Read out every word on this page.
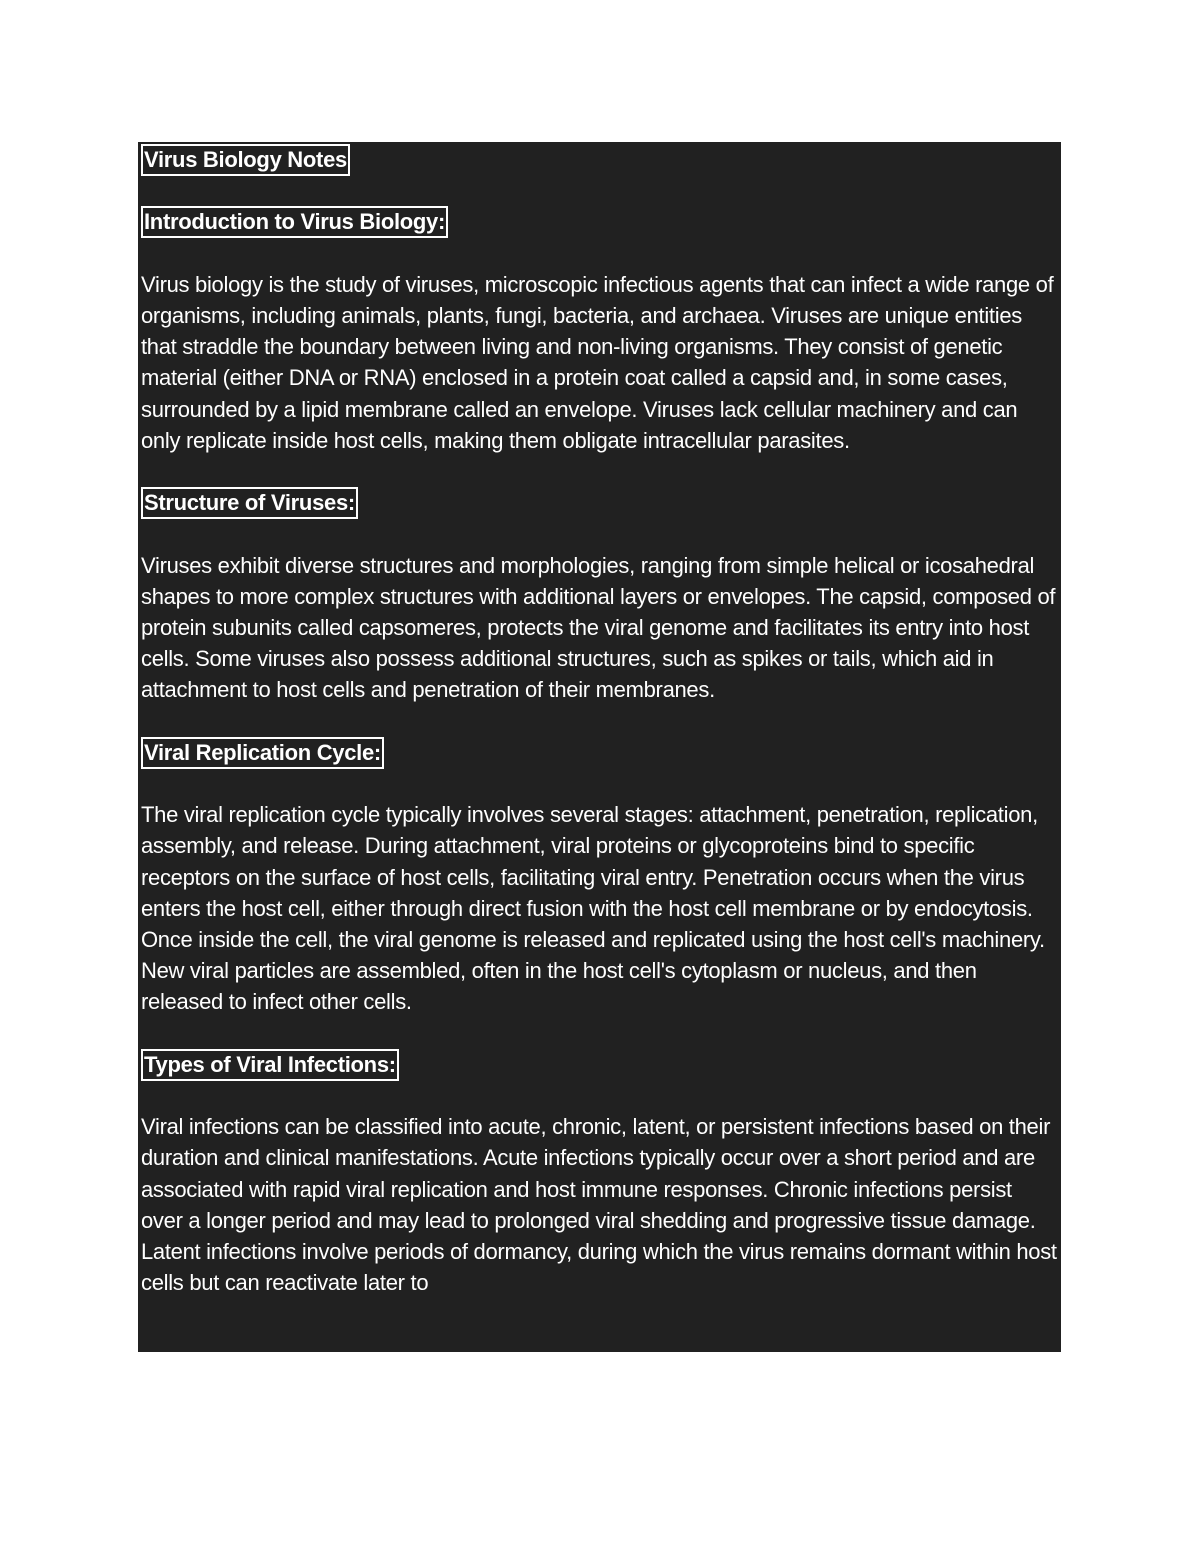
Virus Biology Notes
Introduction to Virus Biology:

Virus biology is the study of viruses, microscopic infectious agents that can infect a wide range of organisms, including animals, plants, fungi, bacteria, and archaea. Viruses are unique entities that straddle the boundary between living and non-living organisms. They consist of genetic material (either DNA or RNA) enclosed in a protein coat called a capsid and, in some cases, surrounded by a lipid membrane called an envelope. Viruses lack cellular machinery and can only replicate inside host cells, making them obligate intracellular parasites.

Structure of Viruses:

Viruses exhibit diverse structures and morphologies, ranging from simple helical or icosahedral shapes to more complex structures with additional layers or envelopes. The capsid, composed of protein subunits called capsomeres, protects the viral genome and facilitates its entry into host cells. Some viruses also possess additional structures, such as spikes or tails, which aid in attachment to host cells and penetration of their membranes.

Viral Replication Cycle:

The viral replication cycle typically involves several stages: attachment, penetration, replication, assembly, and release. During attachment, viral proteins or glycoproteins bind to specific receptors on the surface of host cells, facilitating viral entry. Penetration occurs when the virus enters the host cell, either through direct fusion with the host cell membrane or by endocytosis. Once inside the cell, the viral genome is released and replicated using the host cell's machinery. New viral particles are assembled, often in the host cell's cytoplasm or nucleus, and then released to infect other cells.

Types of Viral Infections:

Viral infections can be classified into acute, chronic, latent, or persistent infections based on their duration and clinical manifestations. Acute infections typically occur over a short period and are associated with rapid viral replication and host immune responses. Chronic infections persist over a longer period and may lead to prolonged viral shedding and progressive tissue damage. Latent infections involve periods of dormancy, during which the virus remains dormant within host cells but can reactivate later to
